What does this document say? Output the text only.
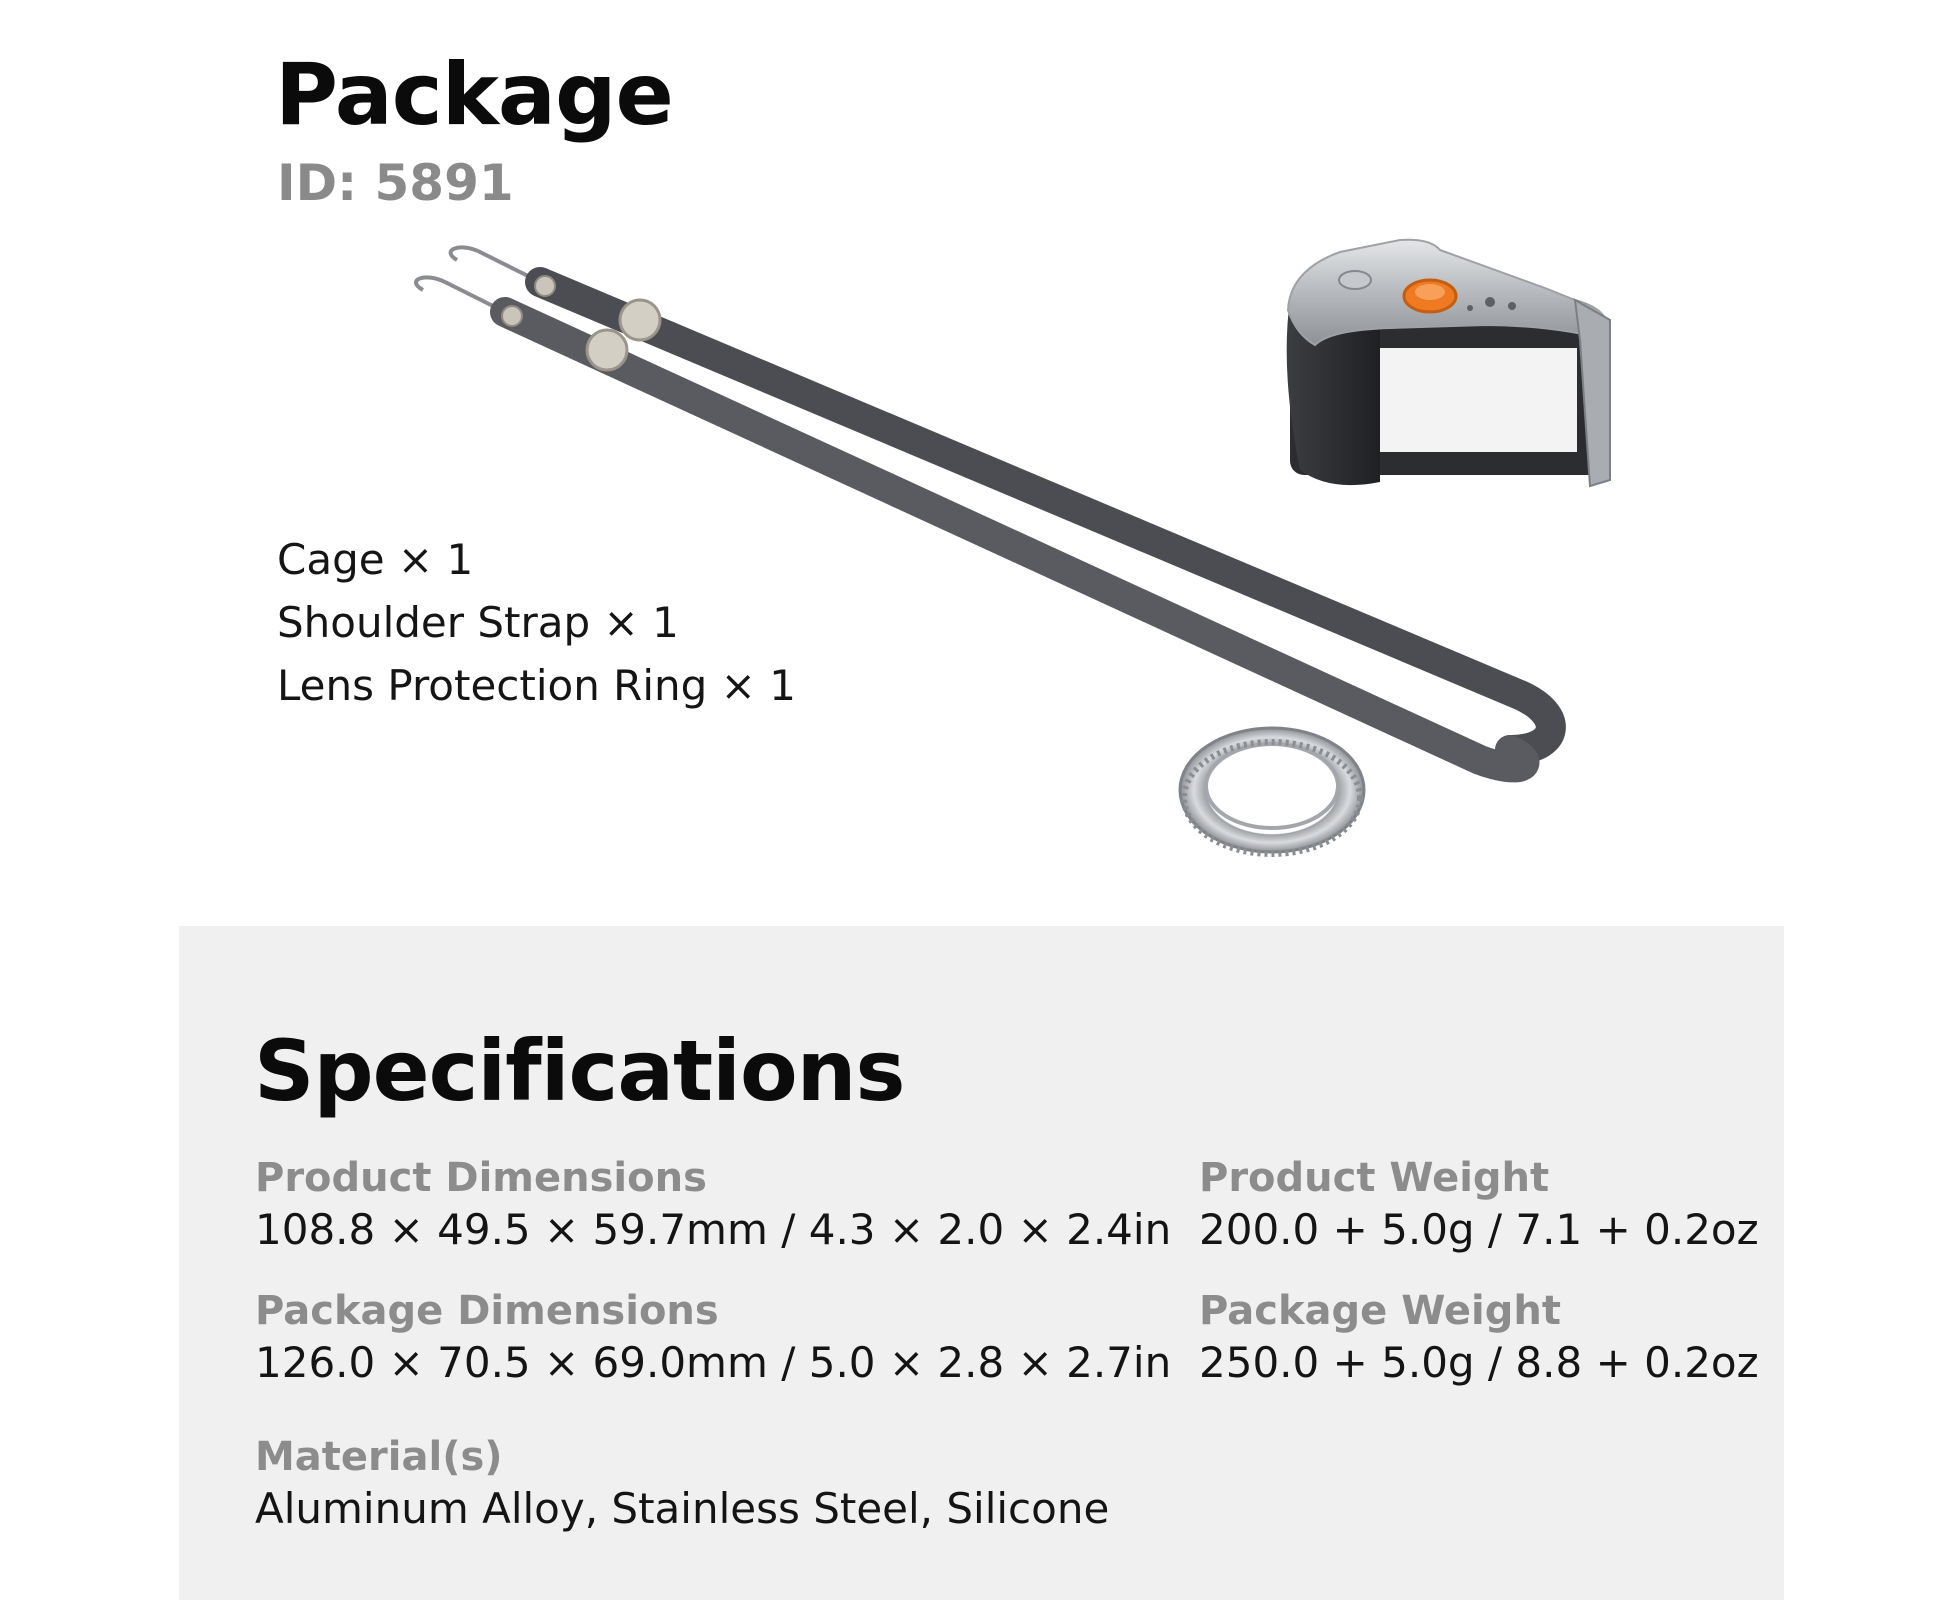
Package
ID: 5891
Cage × 1
Shoulder Strap × 1
Lens Protection Ring × 1
Specifications
Product Dimensions
108.8 × 49.5 × 59.7mm / 4.3 × 2.0 × 2.4in
Product Weight
200.0 + 5.0g / 7.1 + 0.2oz
Package Dimensions
126.0 × 70.5 × 69.0mm / 5.0 × 2.8 × 2.7in
Package Weight
250.0 + 5.0g / 8.8 + 0.2oz
Material(s)
Aluminum Alloy, Stainless Steel, Silicone
